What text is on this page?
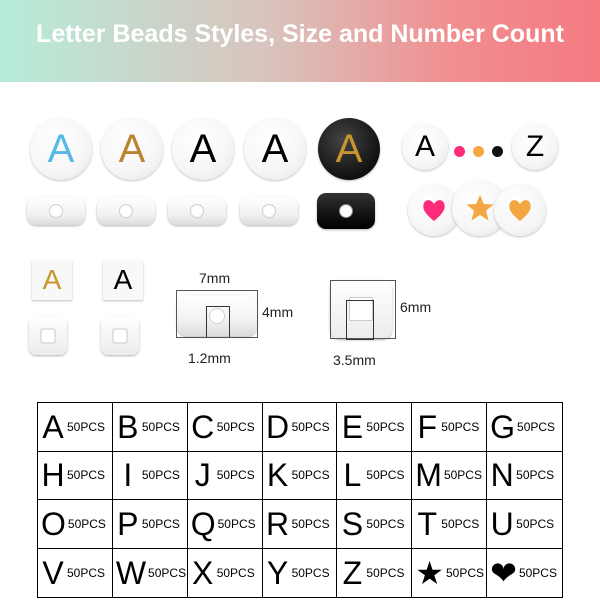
Letter Beads Styles, Size and Number Count
A A A A A A	Z
A A	7mm
4mm
1.2mm
6mm
3.5mm
A 50PCS B 50PCS C 50PCS D 50PCS E 50PCS F 50PCS G 50PCS
H 50PCS I 50PCS J 50PCS K 50PCS L 50PCS M 50PCS N 50PCS
O 50PCS P 50PCS Q 50PCS R 50PCS S 50PCS T 50PCS U 50PCS
V 50PCS W 50PCS X 50PCS Y 50PCS Z 50PCS ★ 50PCS ❤ 50PCS
